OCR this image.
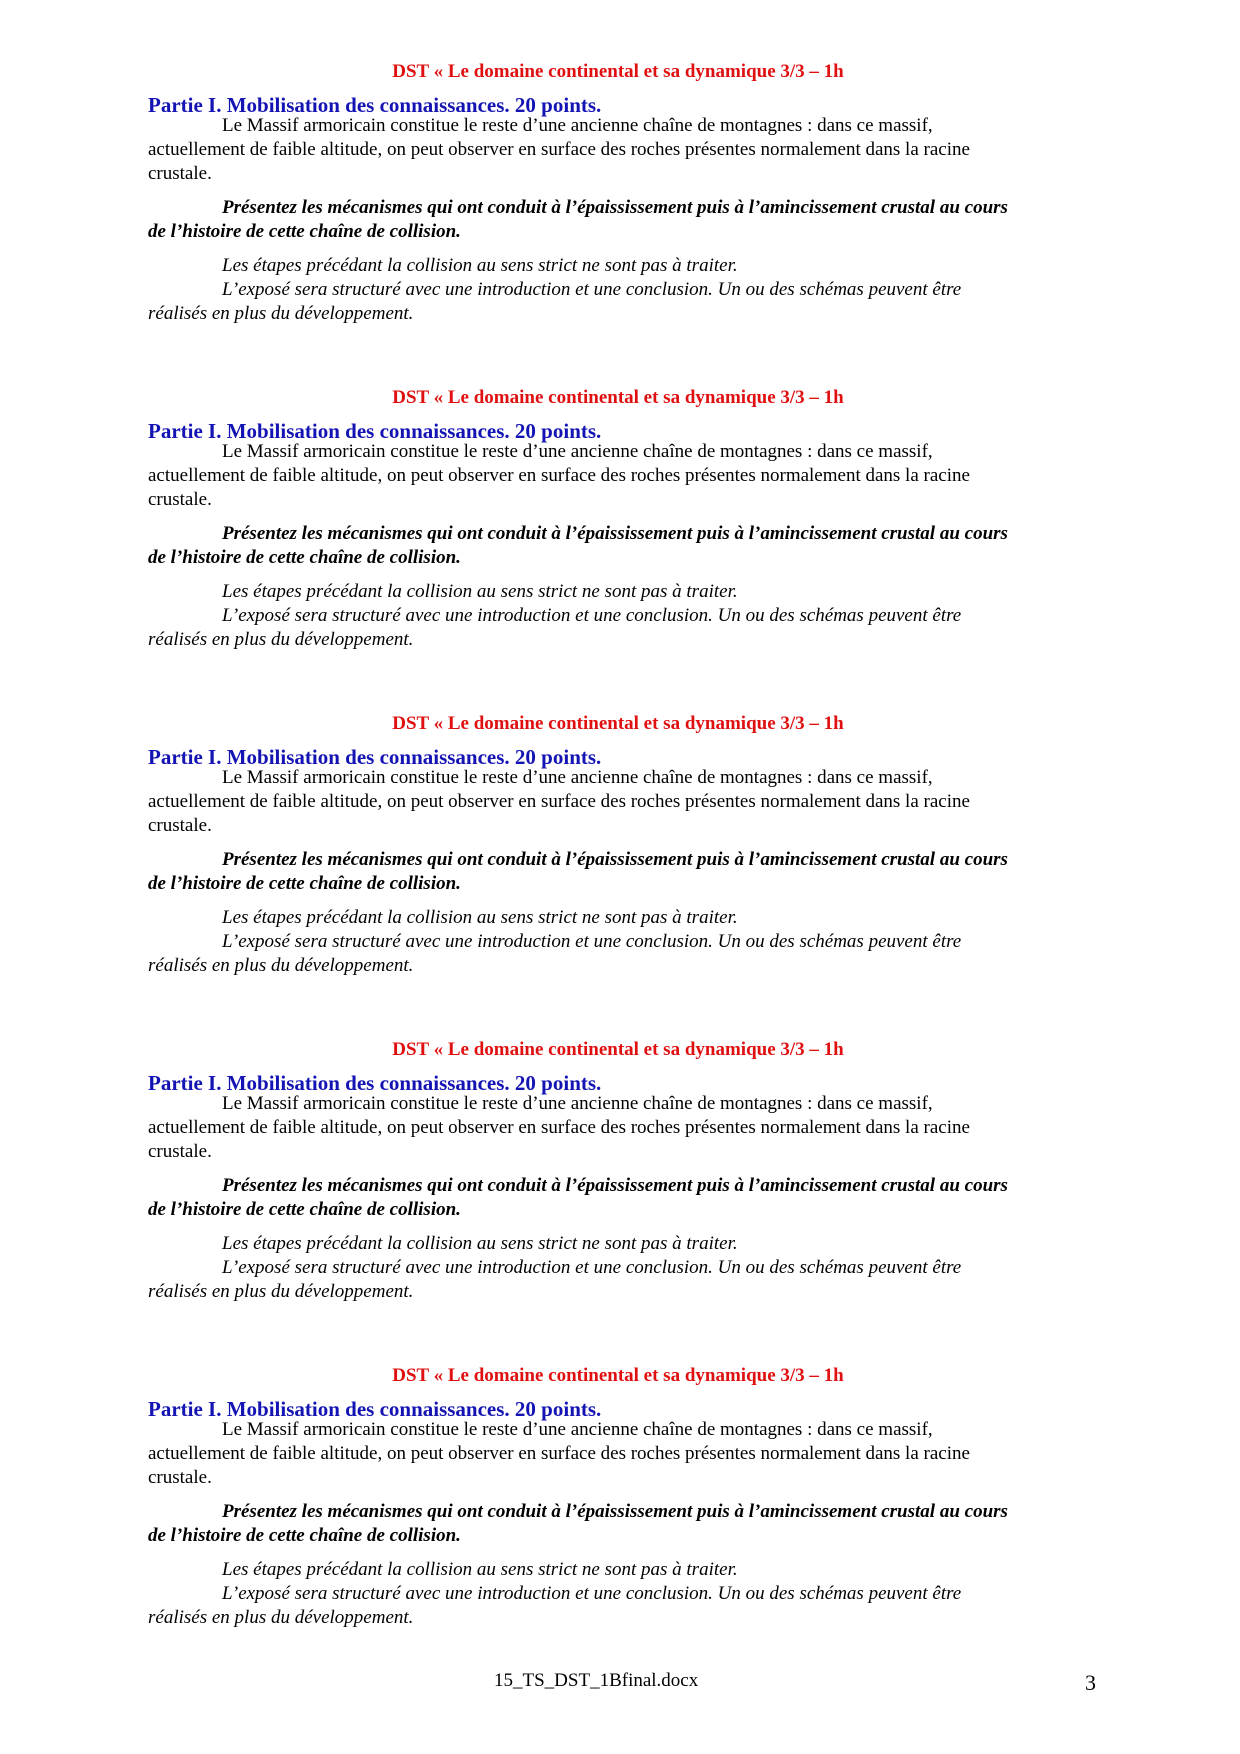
DST « Le domaine continental et sa dynamique 3/3 – 1h
Partie I. Mobilisation des connaissances. 20 points.
Le Massif armoricain constitue le reste d’une ancienne chaîne de montagnes : dans ce massif,
actuellement de faible altitude, on peut observer en surface des roches présentes normalement dans la racine
crustale.
Présentez les mécanismes qui ont conduit à l’épaississement puis à l’amincissement crustal au cours
de l’histoire de cette chaîne de collision.
Les étapes précédant la collision au sens strict ne sont pas à traiter.
L’exposé sera structuré avec une introduction et une conclusion. Un ou des schémas peuvent être
réalisés en plus du développement.
DST « Le domaine continental et sa dynamique 3/3 – 1h
Partie I. Mobilisation des connaissances. 20 points.
Le Massif armoricain constitue le reste d’une ancienne chaîne de montagnes : dans ce massif,
actuellement de faible altitude, on peut observer en surface des roches présentes normalement dans la racine
crustale.
Présentez les mécanismes qui ont conduit à l’épaississement puis à l’amincissement crustal au cours
de l’histoire de cette chaîne de collision.
Les étapes précédant la collision au sens strict ne sont pas à traiter.
L’exposé sera structuré avec une introduction et une conclusion. Un ou des schémas peuvent être
réalisés en plus du développement.
DST « Le domaine continental et sa dynamique 3/3 – 1h
Partie I. Mobilisation des connaissances. 20 points.
Le Massif armoricain constitue le reste d’une ancienne chaîne de montagnes : dans ce massif,
actuellement de faible altitude, on peut observer en surface des roches présentes normalement dans la racine
crustale.
Présentez les mécanismes qui ont conduit à l’épaississement puis à l’amincissement crustal au cours
de l’histoire de cette chaîne de collision.
Les étapes précédant la collision au sens strict ne sont pas à traiter.
L’exposé sera structuré avec une introduction et une conclusion. Un ou des schémas peuvent être
réalisés en plus du développement.
DST « Le domaine continental et sa dynamique 3/3 – 1h
Partie I. Mobilisation des connaissances. 20 points.
Le Massif armoricain constitue le reste d’une ancienne chaîne de montagnes : dans ce massif,
actuellement de faible altitude, on peut observer en surface des roches présentes normalement dans la racine
crustale.
Présentez les mécanismes qui ont conduit à l’épaississement puis à l’amincissement crustal au cours
de l’histoire de cette chaîne de collision.
Les étapes précédant la collision au sens strict ne sont pas à traiter.
L’exposé sera structuré avec une introduction et une conclusion. Un ou des schémas peuvent être
réalisés en plus du développement.
DST « Le domaine continental et sa dynamique 3/3 – 1h
Partie I. Mobilisation des connaissances. 20 points.
Le Massif armoricain constitue le reste d’une ancienne chaîne de montagnes : dans ce massif,
actuellement de faible altitude, on peut observer en surface des roches présentes normalement dans la racine
crustale.
Présentez les mécanismes qui ont conduit à l’épaississement puis à l’amincissement crustal au cours
de l’histoire de cette chaîne de collision.
Les étapes précédant la collision au sens strict ne sont pas à traiter.
L’exposé sera structuré avec une introduction et une conclusion. Un ou des schémas peuvent être
réalisés en plus du développement.
15_TS_DST_1Bfinal.docx	3
